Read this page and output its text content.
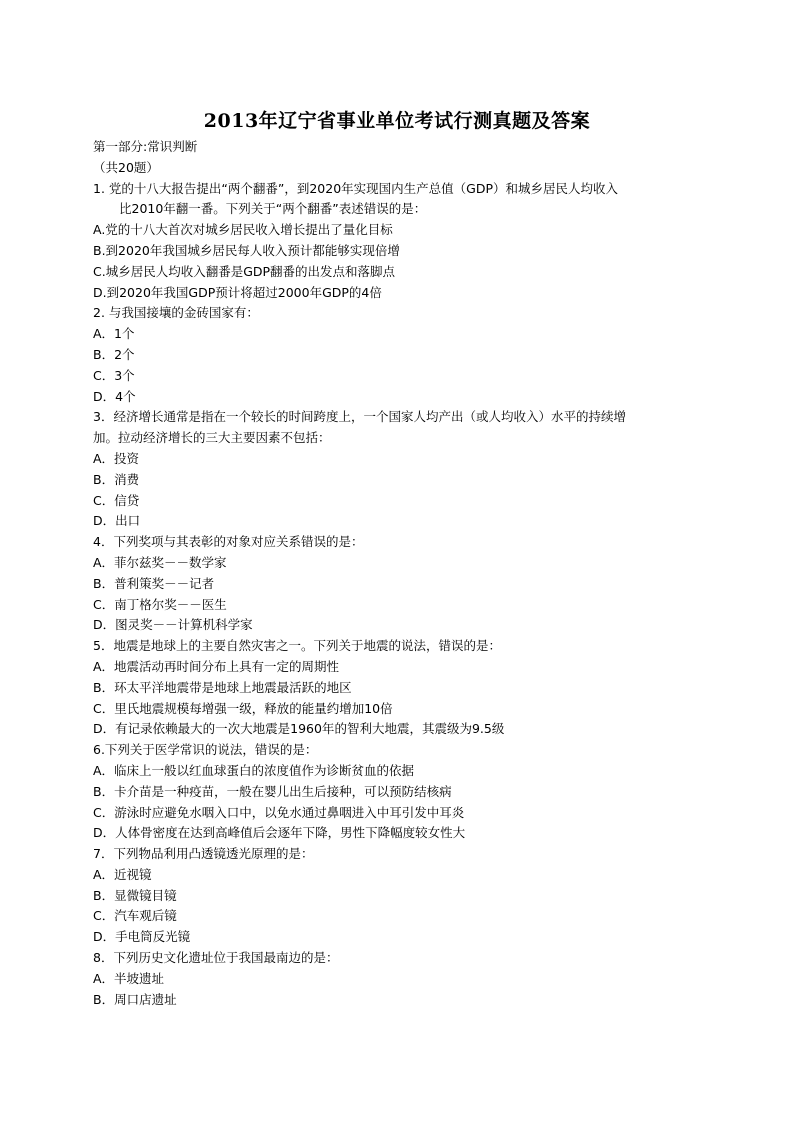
2013年辽宁省事业单位考试行测真题及答案
第一部分:常识判断
（共20题）
1. 党的十八大报告提出“两个翻番”，到2020年实现国内生产总值（GDP）和城乡居民人均收入
比2010年翻一番。下列关于“两个翻番”表述错误的是：
A.党的十八大首次对城乡居民收入增长提出了量化目标
B.到2020年我国城乡居民每人收入预计都能够实现倍增
C.城乡居民人均收入翻番是GDP翻番的出发点和落脚点
D.到2020年我国GDP预计将超过2000年GDP的4倍
2. 与我国接壤的金砖国家有：
A．1个
B．2个
C．3个
D．4个
3．经济增长通常是指在一个较长的时间跨度上，一个国家人均产出（或人均收入）水平的持续增
加。拉动经济增长的三大主要因素不包括：
A．投资
B．消费
C．信贷
D．出口
4．下列奖项与其表彰的对象对应关系错误的是：
A．菲尔兹奖－－数学家
B．普利策奖－－记者
C．南丁格尔奖－－医生
D．图灵奖－－计算机科学家
5．地震是地球上的主要自然灾害之一。下列关于地震的说法，错误的是：
A．地震活动再时间分布上具有一定的周期性
B．环太平洋地震带是地球上地震最活跃的地区
C．里氏地震规模每增强一级，释放的能量约增加10倍
D．有记录依赖最大的一次大地震是1960年的智利大地震，其震级为9.5级
6.下列关于医学常识的说法，错误的是：
A．临床上一般以红血球蛋白的浓度值作为诊断贫血的依据
B．卡介苗是一种疫苗，一般在婴儿出生后接种，可以预防结核病
C．游泳时应避免水咽入口中，以免水通过鼻咽进入中耳引发中耳炎
D．人体骨密度在达到高峰值后会逐年下降，男性下降幅度较女性大
7．下列物品利用凸透镜透光原理的是：
A．近视镜
B．显微镜目镜
C．汽车观后镜
D．手电筒反光镜
8．下列历史文化遗址位于我国最南边的是：
A．半坡遗址
B．周口店遗址
